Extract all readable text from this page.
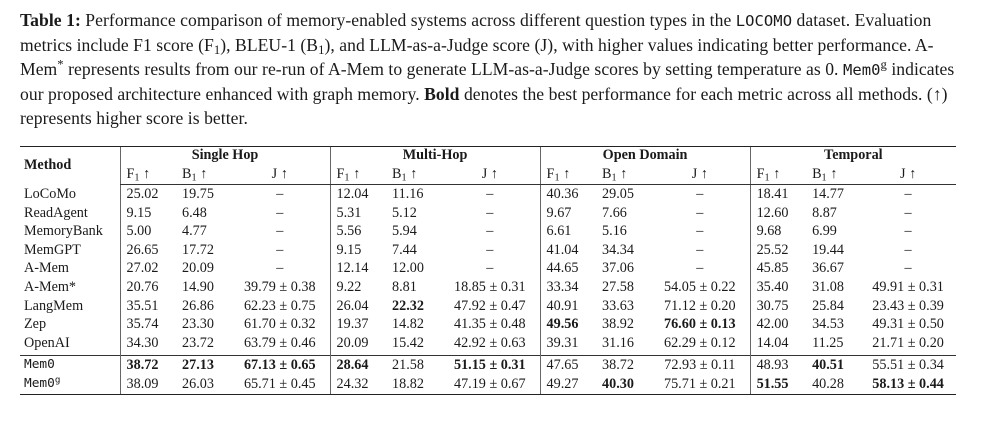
Table 1: Performance comparison of memory-enabled systems across different question types in the LOCOMO dataset. Evaluation metrics include F1 score $(F_1)$, BLEU-1 $(B_1)$, and LLM-as-a-Judge score (J), with higher values indicating better performance. A-Mem* represents results from our re-run of A-Mem to generate LLM-as-a-Judge scores by setting temperature as 0. Mem0$^g$ indicates our proposed architecture enhanced with graph memory. Bold denotes the best performance for each metric across all methods. (↑) represents higher score is better.
Method	Single Hop			Multi-Hop			Open Domain			Temporal		
	$F_1$ ↑	$B_1$ ↑	J ↑	$F_1$ ↑	$B_1$ ↑	J ↑	$F_1$ ↑	$B_1$ ↑	J ↑	$F_1$ ↑	$B_1$ ↑	J ↑
LoCoMo	25.02	19.75	–	12.04	11.16	–	40.36	29.05	–	18.41	14.77	–
ReadAgent	9.15	6.48	–	5.31	5.12	–	9.67	7.66	–	12.60	8.87	–
MemoryBank	5.00	4.77	–	5.56	5.94	–	6.61	5.16	–	9.68	6.99	–
MemGPT	26.65	17.72	–	9.15	7.44	–	41.04	34.34	–	25.52	19.44	–
A-Mem	27.02	20.09	–	12.14	12.00	–	44.65	37.06	–	45.85	36.67	–
A-Mem*	20.76	14.90	39.79 ± 0.38	9.22	8.81	18.85 ± 0.31	33.34	27.58	54.05 ± 0.22	35.40	31.08	49.91 ± 0.31
LangMem	35.51	26.86	62.23 ± 0.75	26.04	22.32	47.92 ± 0.47	40.91	33.63	71.12 ± 0.20	30.75	25.84	23.43 ± 0.39
Zep	35.74	23.30	61.70 ± 0.32	19.37	14.82	41.35 ± 0.48	49.56	38.92	76.60 ± 0.13	42.00	34.53	49.31 ± 0.50
OpenAI	34.30	23.72	63.79 ± 0.46	20.09	15.42	42.92 ± 0.63	39.31	31.16	62.29 ± 0.12	14.04	11.25	21.71 ± 0.20

Mem0	38.72	27.13	67.13 ± 0.65	28.64	21.58	51.15 ± 0.31	47.65	38.72	72.93 ± 0.11	48.93	40.51	55.51 ± 0.34
Mem0$^g$	38.09	26.03	65.71 ± 0.45	24.32	18.82	47.19 ± 0.67	49.27	40.30	75.71 ± 0.21	51.55	40.28	58.13 ± 0.44
